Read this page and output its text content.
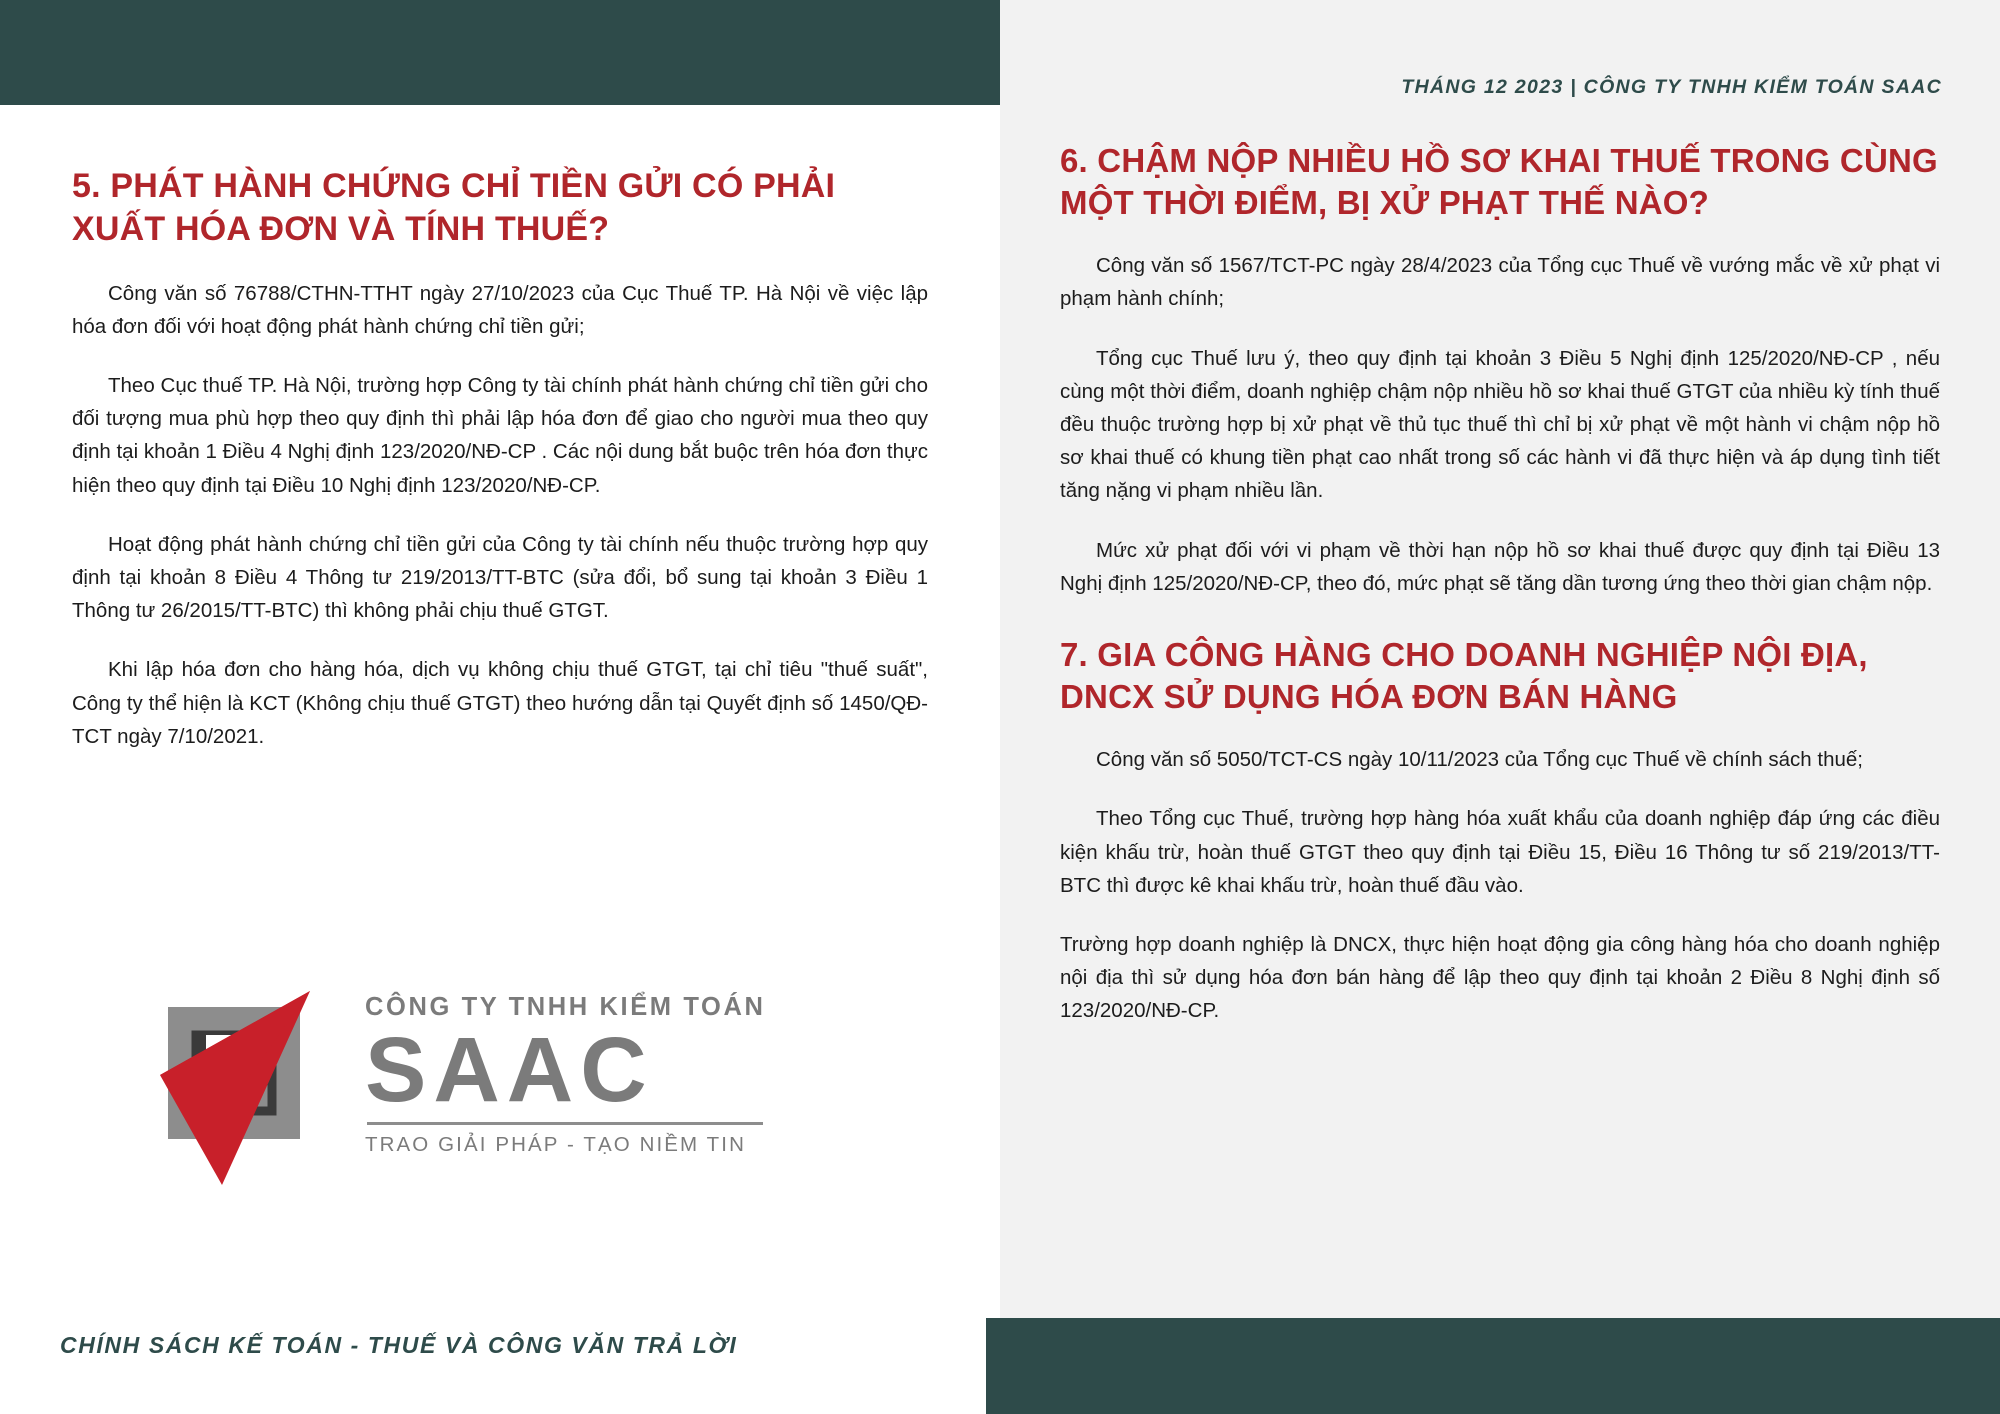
THÁNG 12 2023 | CÔNG TY TNHH KIỂM TOÁN SAAC
5. PHÁT HÀNH CHỨNG CHỈ TIỀN GỬI CÓ PHẢI XUẤT HÓA ĐƠN VÀ TÍNH THUẾ?

Công văn số 76788/CTHN-TTHT ngày 27/10/2023 của Cục Thuế TP. Hà Nội về việc lập hóa đơn đối với hoạt động phát hành chứng chỉ tiền gửi;

Theo Cục thuế TP. Hà Nội, trường hợp Công ty tài chính phát hành chứng chỉ tiền gửi cho đối tượng mua phù hợp theo quy định thì phải lập hóa đơn để giao cho người mua theo quy định tại khoản 1 Điều 4 Nghị định 123/2020/NĐ-CP . Các nội dung bắt buộc trên hóa đơn thực hiện theo quy định tại Điều 10 Nghị định 123/2020/NĐ-CP.

Hoạt động phát hành chứng chỉ tiền gửi của Công ty tài chính nếu thuộc trường hợp quy định tại khoản 8 Điều 4 Thông tư 219/2013/TT-BTC (sửa đổi, bổ sung tại khoản 3 Điều 1 Thông tư 26/2015/TT-BTC) thì không phải chịu thuế GTGT.

Khi lập hóa đơn cho hàng hóa, dịch vụ không chịu thuế GTGT, tại chỉ tiêu "thuế suất", Công ty thể hiện là KCT (Không chịu thuế GTGT) theo hướng dẫn tại Quyết định số 1450/QĐ-TCT ngày 7/10/2021.

CÔNG TY TNHH KIỂM TOÁN
SAAC
TRAO GIẢI PHÁP - TẠO NIỀM TIN
CHÍNH SÁCH KẾ TOÁN - THUẾ VÀ CÔNG VĂN TRẢ LỜI
6. CHẬM NỘP NHIỀU HỒ SƠ KHAI THUẾ TRONG CÙNG MỘT THỜI ĐIỂM, BỊ XỬ PHẠT THẾ NÀO?

Công văn số 1567/TCT-PC ngày 28/4/2023 của Tổng cục Thuế về vướng mắc về xử phạt vi phạm hành chính;

Tổng cục Thuế lưu ý, theo quy định tại khoản 3 Điều 5 Nghị định 125/2020/NĐ-CP , nếu cùng một thời điểm, doanh nghiệp chậm nộp nhiều hồ sơ khai thuế GTGT của nhiều kỳ tính thuế đều thuộc trường hợp bị xử phạt về thủ tục thuế thì chỉ bị xử phạt về một hành vi chậm nộp hồ sơ khai thuế có khung tiền phạt cao nhất trong số các hành vi đã thực hiện và áp dụng tình tiết tăng nặng vi phạm nhiều lần.

Mức xử phạt đối với vi phạm về thời hạn nộp hồ sơ khai thuế được quy định tại Điều 13 Nghị định 125/2020/NĐ-CP, theo đó, mức phạt sẽ tăng dần tương ứng theo thời gian chậm nộp.

7. GIA CÔNG HÀNG CHO DOANH NGHIỆP NỘI ĐỊA, DNCX SỬ DỤNG HÓA ĐƠN BÁN HÀNG

Công văn số 5050/TCT-CS ngày 10/11/2023 của Tổng cục Thuế về chính sách thuế;

Theo Tổng cục Thuế, trường hợp hàng hóa xuất khẩu của doanh nghiệp đáp ứng các điều kiện khấu trừ, hoàn thuế GTGT theo quy định tại Điều 15, Điều 16 Thông tư số 219/2013/TT-BTC thì được kê khai khấu trừ, hoàn thuế đầu vào.

Trường hợp doanh nghiệp là DNCX, thực hiện hoạt động gia công hàng hóa cho doanh nghiệp nội địa thì sử dụng hóa đơn bán hàng để lập theo quy định tại khoản 2 Điều 8 Nghị định số 123/2020/NĐ-CP.
